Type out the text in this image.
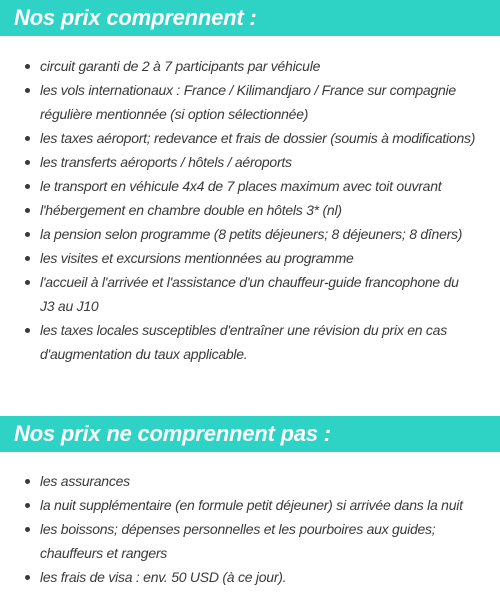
Nos prix comprennent :
circuit garanti de 2 à 7 participants par véhicule
les vols internationaux : France / Kilimandjaro / France sur compagnie
régulière mentionnée (si option sélectionnée)
les taxes aéroport; redevance et frais de dossier (soumis à modifications)
les transferts aéroports / hôtels / aéroports
le transport en véhicule 4x4 de 7 places maximum avec toit ouvrant
l'hébergement en chambre double en hôtels 3* (nl)
la pension selon programme (8 petits déjeuners; 8 déjeuners; 8 dîners)
les visites et excursions mentionnées au programme
l'accueil à l'arrivée et l'assistance d'un chauffeur-guide francophone du
J3 au J10
les taxes locales susceptibles d'entraîner une révision du prix en cas
d'augmentation du taux applicable.
Nos prix ne comprennent pas :
les assurances
la nuit supplémentaire (en formule petit déjeuner) si arrivée dans la nuit
les boissons; dépenses personnelles et les pourboires aux guides;
chauffeurs et rangers
les frais de visa : env. 50 USD (à ce jour).
